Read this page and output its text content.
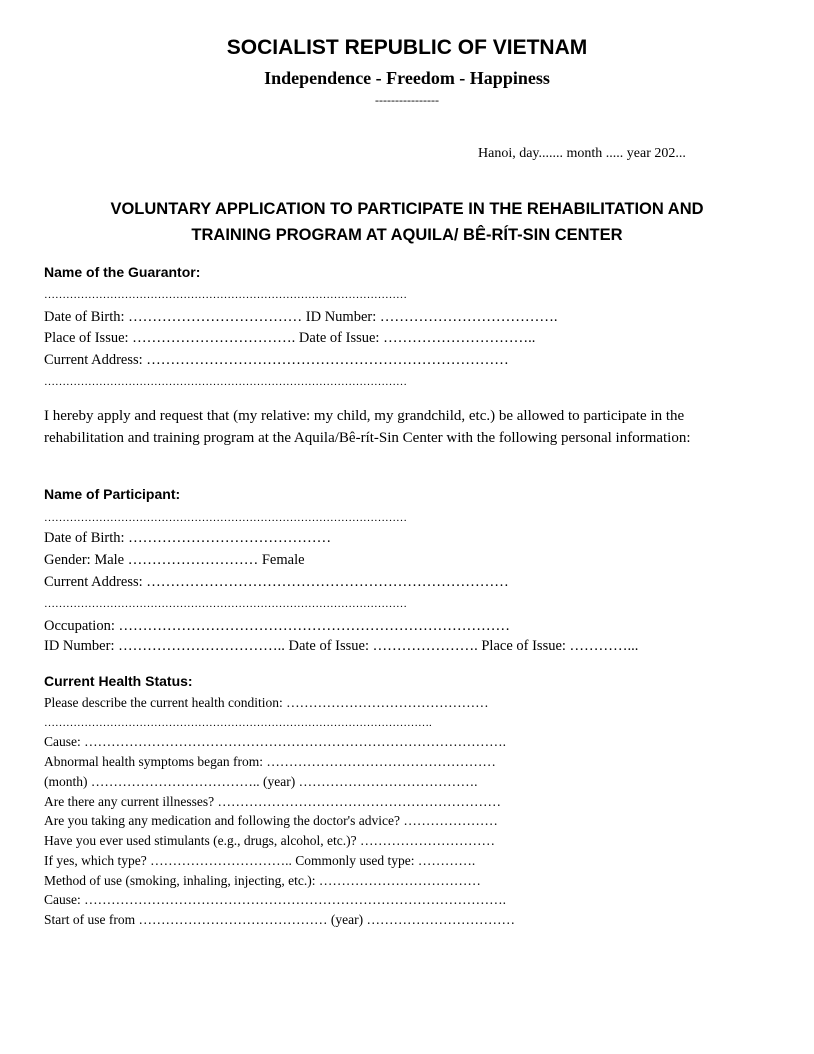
SOCIALIST REPUBLIC OF VIETNAM
Independence - Freedom - Happiness
----------------
Hanoi, day....... month ..... year 202...
VOLUNTARY APPLICATION TO PARTICIPATE IN THE REHABILITATION AND
TRAINING PROGRAM AT AQUILA/ BÊ-RÍT-SIN CENTER
Name of the Guarantor:
………………………………………………………………………………………
Date of Birth: ……………………………… ID Number: ……………………………….
Place of Issue: ……………………………. Date of Issue: …………………………..
Current Address: …………………………………………………………………
………………………………………………………………………………………
I hereby apply and request that (my relative: my child, my grandchild, etc.) be allowed to participate in the rehabilitation and training program at the Aquila/Bê-rít-Sin Center with the following personal information:
Name of Participant:
………………………………………………………………………………………
Date of Birth: ……………………………………
Gender: Male ……………………… Female
Current Address: …………………………………………………………………
………………………………………………………………………………………
Occupation: ………………………………………………………………………
ID Number: …………………………….. Date of Issue: …………………. Place of Issue: …………...
Current Health Status:
Please describe the current health condition: ………………………………………
…………………………………………………………………………………………….
Cause: ………………………………………………………………………………….
Abnormal health symptoms began from: ……………………………………………
(month) ……………………………….. (year) ………………………………….
Are there any current illnesses? ………………………………………………………
Are you taking any medication and following the doctor's advice? …………………
Have you ever used stimulants (e.g., drugs, alcohol, etc.)? …………………………
If yes, which type? ………………………….. Commonly used type: ………….
Method of use (smoking, inhaling, injecting, etc.): ………………………………
Cause: ………………………………………………………………………………….
Start of use from …………………………………… (year) ……………………………
